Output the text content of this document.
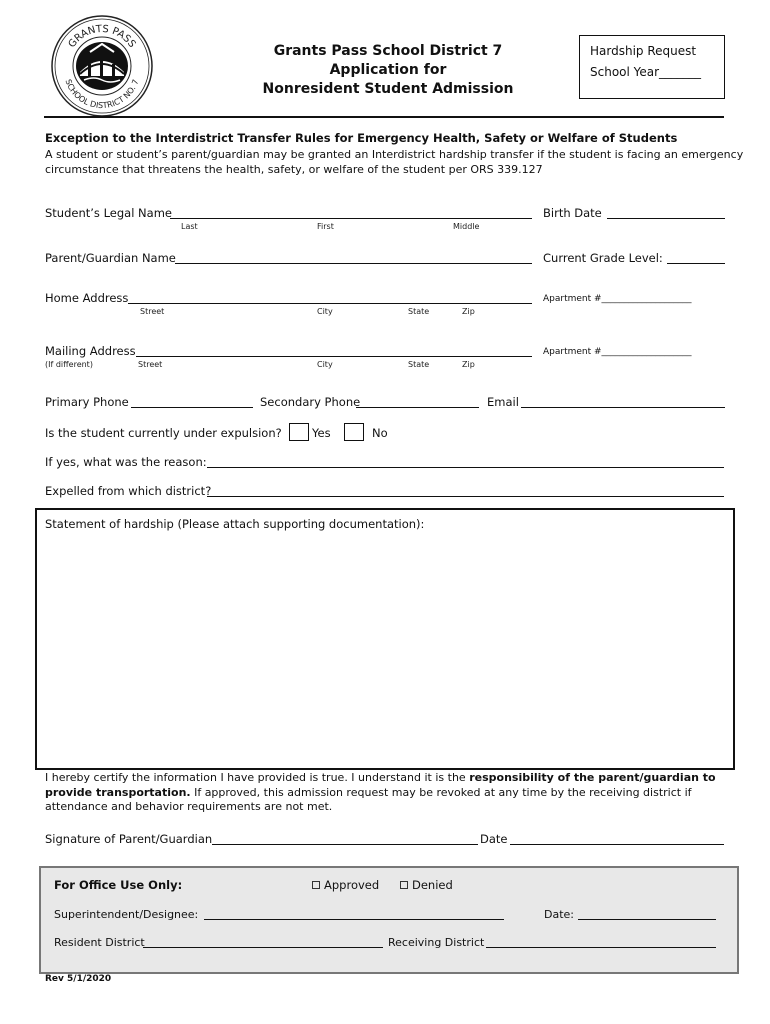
GRANTS PASS
SCHOOL DISTRICT NO. 7
Grants Pass School District 7
Application for
Nonresident Student Admission
Hardship Request
School Year_______
Exception to the Interdistrict Transfer Rules for Emergency Health, Safety or Welfare of Students
A student or student’s parent/guardian may be granted an Interdistrict hardship transfer if the student is facing an emergency
circumstance that threatens the health, safety, or welfare of the student per ORS 339.127
Student’s Legal Name
Last	First	Middle
Birth Date
Parent/Guardian Name	Current Grade Level:
Home Address
Street	City	State	Zip
Apartment #____________________
Mailing Address
(If different)	Street	City	State	Zip
Apartment #____________________
Primary Phone	Secondary Phone	Email
Is the student currently under expulsion?	Yes	No
If yes, what was the reason:
Expelled from which district?
Statement of hardship (Please attach supporting documentation):
I hereby certify the information I have provided is true. I understand it is the responsibility of the parent/guardian to
provide transportation. If approved, this admission request may be revoked at any time by the receiving district if
attendance and behavior requirements are not met.
Signature of Parent/Guardian	Date
For Office Use Only:	Approved	Denied
Superintendent/Designee:	Date:
Resident District	Receiving District
Rev 5/1/2020
